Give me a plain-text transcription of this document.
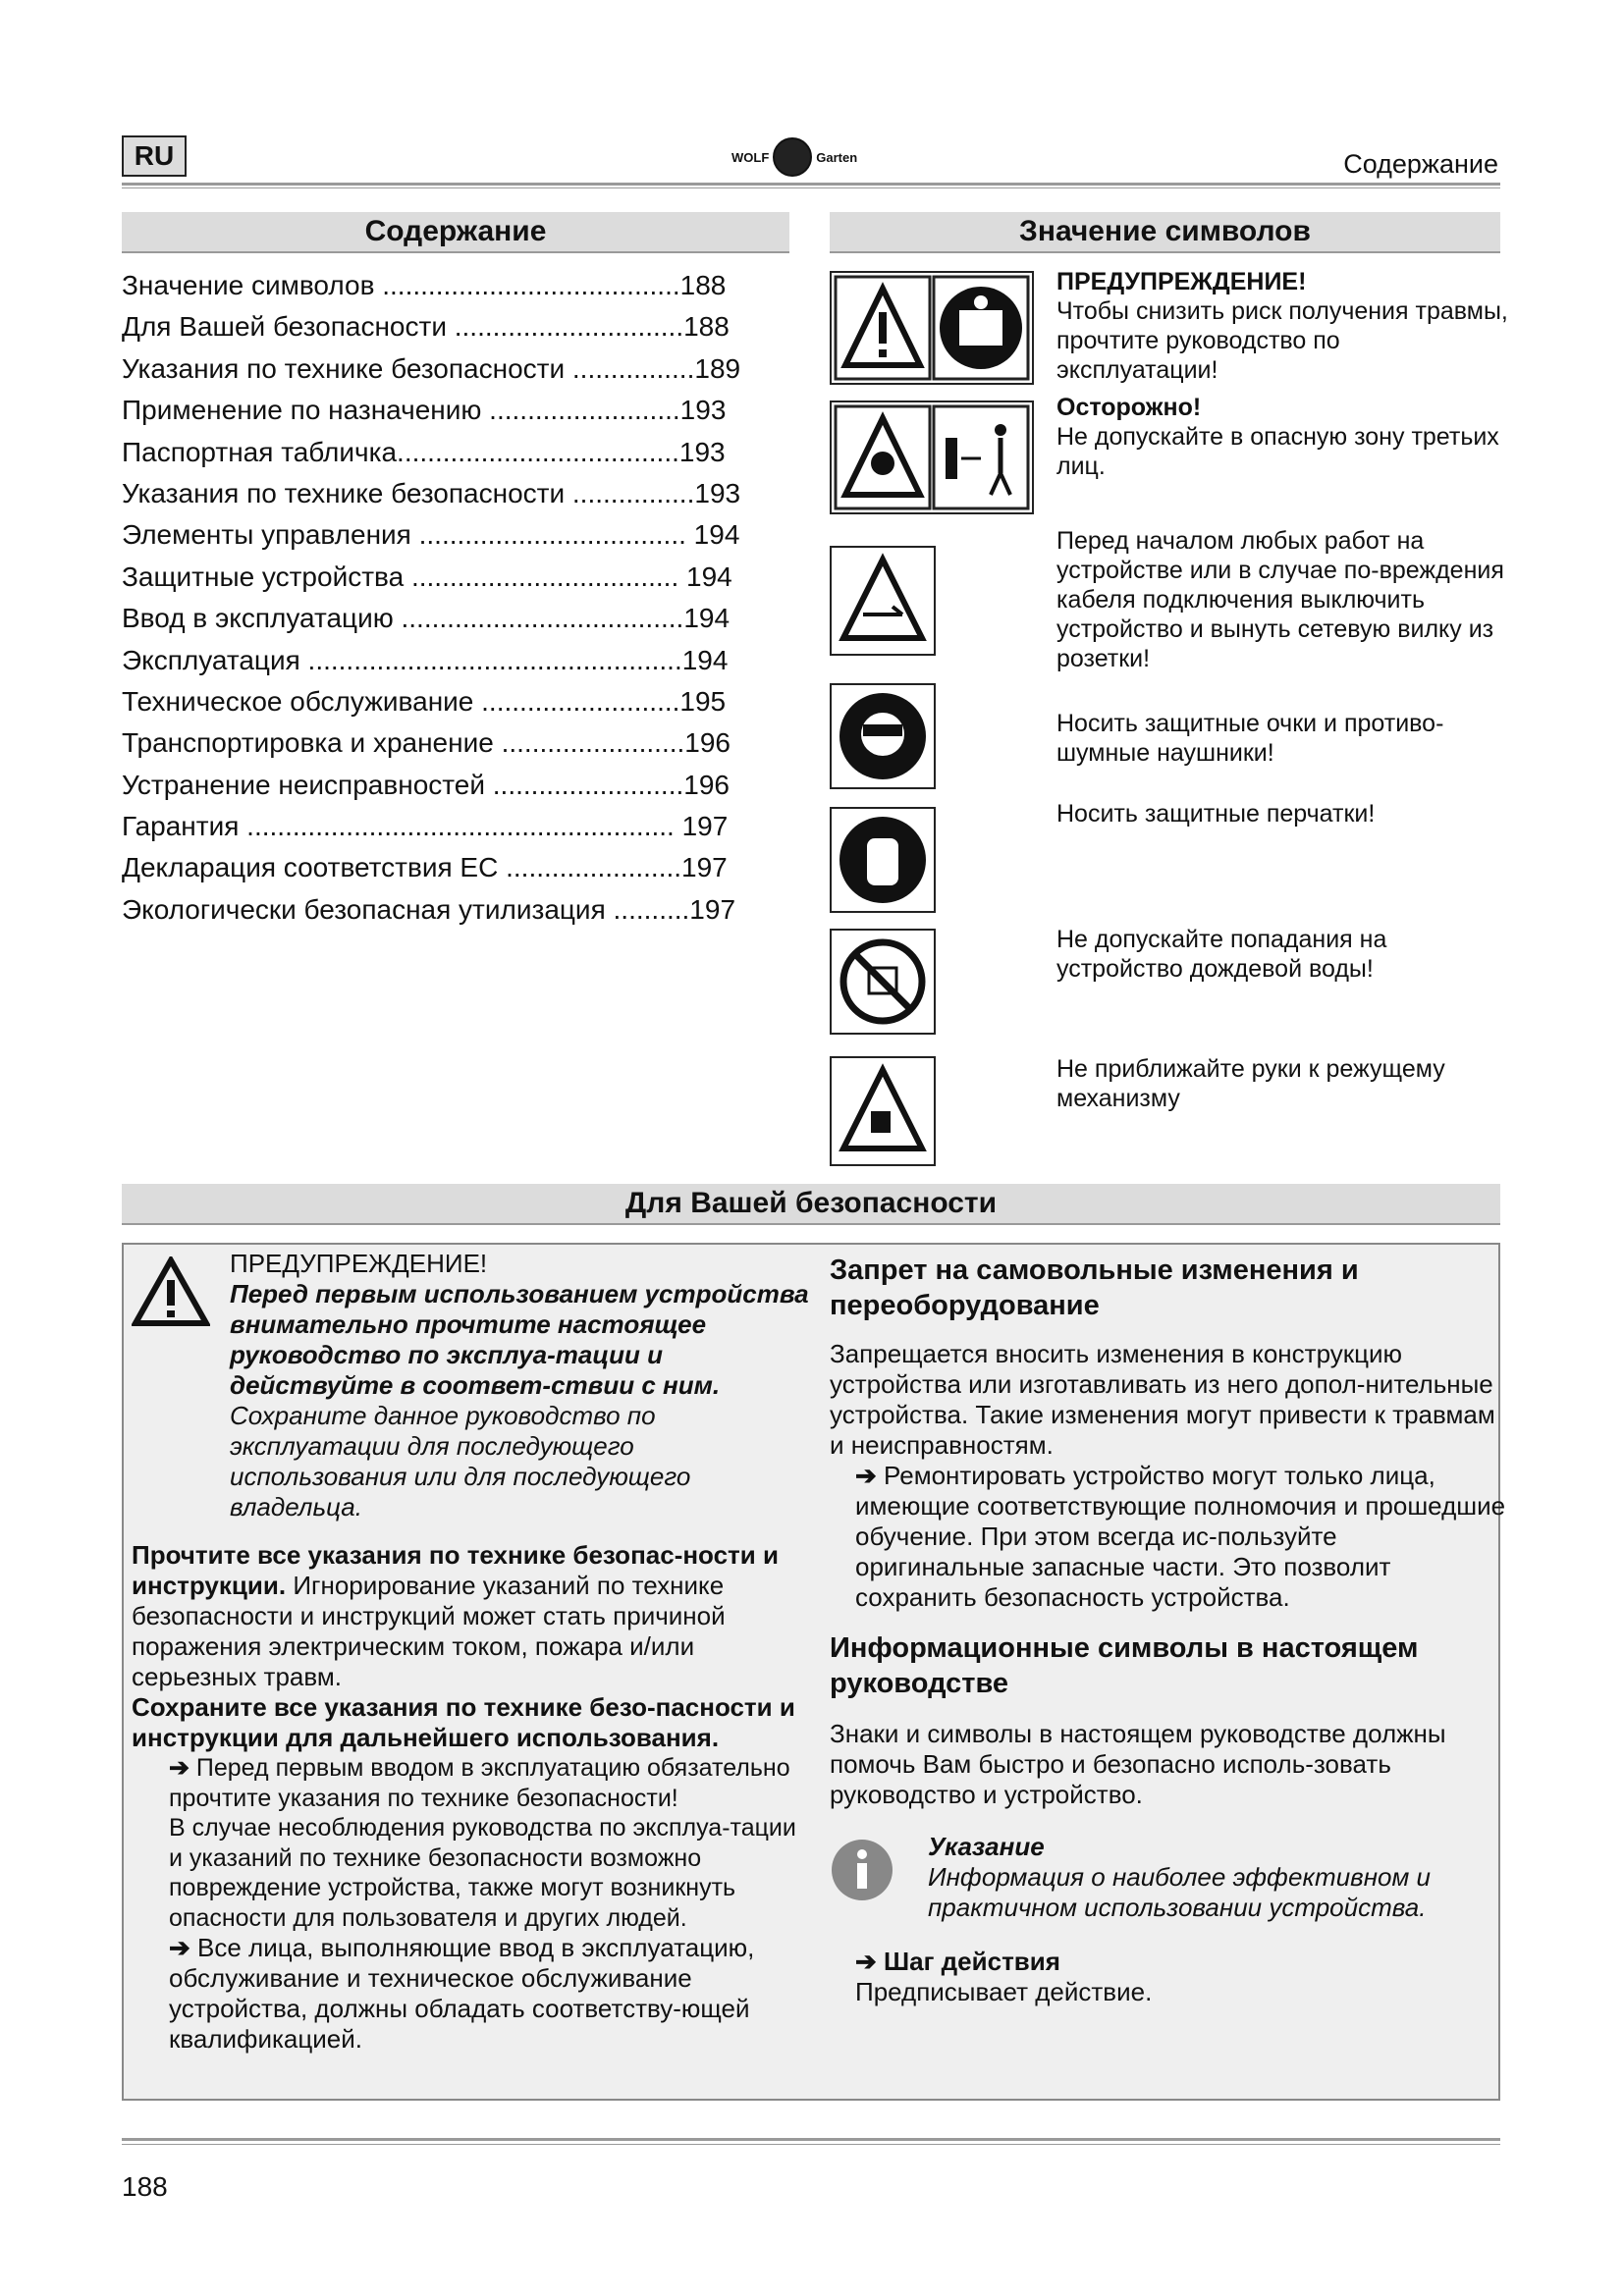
RU	WOLF	Garten	Содержание
Содержание
Значение символов .......................................188
Для Вашей безопасности ..............................188
Указания по технике безопасности ................189
Применение по назначению .........................193
Паспортная табличка.....................................193
Указания по технике безопасности ................193
Элементы управления ................................... 194
Защитные устройства ................................... 194
Ввод в эксплуатацию .....................................194
Эксплуатация .................................................194
Техническое обслуживание ..........................195
Транспортировка и хранение ........................196
Устранение неисправностей .........................196
Гарантия ........................................................ 197
Декларация соответствия ЕС .......................197
Экологически безопасная утилизация ..........197
Значение символов
ПРЕДУПРЕЖДЕНИЕ!
Чтобы снизить риск получения травмы, прочтите руководство по эксплуатации!
Осторожно!
Не допускайте в опасную зону третьих лиц.
Перед началом любых работ на устройстве или в случае по-вреждения кабеля подключения выключить устройство и вынуть сетевую вилку из розетки!
Носить защитные очки и противо-шумные наушники!
Носить защитные перчатки!
Не допускайте попадания на устройство дождевой воды!
Не приближайте руки к режущему механизму
Для Вашей безопасности
ПРЕДУПРЕЖДЕНИЕ!
Перед первым использованием устройства внимательно прочтите настоящее руководство по эксплуа-тации и действуйте в соответ-ствии с ним.
Сохраните данное руководство по эксплуатации для последующего использования или для последующего владельца.
Прочтите все указания по технике безопас-ности и инструкции. Игнорирование указаний по технике безопасности и инструкций может стать причиной поражения электрическим током, пожара и/или серьезных травм.
Сохраните все указания по технике безо-пасности и инструкции для дальнейшего использования.
➔ Перед первым вводом в эксплуатацию обязательно прочтите указания по технике безопасности!
В случае несоблюдения руководства по эксплуа-тации и указаний по технике безопасности возможно повреждение устройства, также могут возникнуть опасности для пользователя и других людей.
➔ Все лица, выполняющие ввод в эксплуатацию, обслуживание и техническое обслуживание устройства, должны обладать соответству-ющей квалификацией.
Запрет на самовольные изменения и переоборудование
Запрещается вносить изменения в конструкцию устройства или изготавливать из него допол-нительные устройства. Такие изменения могут привести к травмам и неисправностям.
➔ Ремонтировать устройство могут только лица, имеющие соответствующие полномочия и прошедшие обучение. При этом всегда ис-пользуйте оригинальные запасные части. Это позволит сохранить безопасность устройства.
Информационные символы в настоящем руководстве
Знаки и символы в настоящем руководстве должны помочь Вам быстро и безопасно исполь-зовать руководство и устройство.
Указание
Информация о наиболее эффективном и практичном использовании устройства.
➔ Шаг действия
Предписывает действие.
188
